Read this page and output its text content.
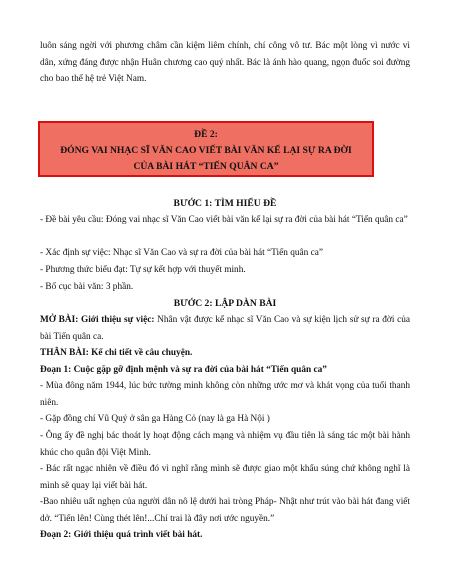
luôn sáng ngời với phương châm cần kiệm liêm chính, chí công vô tư. Bác một lòng vì nước vì dân, xứng đáng được nhận Huân chương cao quý nhất. Bác là ánh hào quang, ngọn đuốc soi đường cho bao thế hệ trẻ Việt Nam.

ĐỀ 2:
ĐÓNG VAI NHẠC SĨ VĂN CAO VIẾT BÀI VĂN KỂ LẠI SỰ RA ĐỜI
CỦA BÀI HÁT “TIẾN QUÂN CA”
BƯỚC 1: TÌM HIỂU ĐỀ

- Đề bài yêu cầu: Đóng vai nhạc sĩ Văn Cao viết bài văn kể lại sự ra đời của bài hát “Tiến quân ca”

- Xác định sự việc: Nhạc sĩ Văn Cao và sự ra đời của bài hát “Tiến quân ca”

- Phương thức biểu đạt: Tự sự kết hợp với thuyết minh.

- Bố cục bài văn: 3 phần.

BƯỚC 2: LẬP DÀN BÀI

MỞ BÀI: Giới thiệu sự việc: Nhân vật được kể nhạc sĩ Văn Cao và sự kiện lịch sử sự ra đời của bài Tiến quân ca.

THÂN BÀI: Kể chi tiết về câu chuyện.

Đoạn 1: Cuộc gặp gỡ định mệnh và sự ra đời của bài hát “Tiến quân ca”

- Mùa đông năm 1944, lúc bức tường minh không còn những ước mơ và khát vọng của tuổi thanh niên.

- Gặp đồng chí Vũ Quý ở sân ga Hàng Cỏ (nay là ga Hà Nội )

- Ông ấy đề nghị bác thoát ly hoạt động cách mạng và nhiệm vụ đầu tiên là sáng tác một bài hành khúc cho quân đội Việt Minh.

- Bác rất ngạc nhiên về điều đó vì nghĩ rằng mình sẽ được giao một khẩu súng chứ không nghĩ là mình sẽ quay lại viết bài hát.

-Bao nhiêu uất nghẹn của người dân nô lệ dưới hai tròng Pháp- Nhật như trút vào bài hát đang viết dở. “Tiến lên! Cùng thét lên!...Chí trai là đây nơi ước nguyền.”

Đoạn 2: Giới thiệu quá trình viết bài hát.
